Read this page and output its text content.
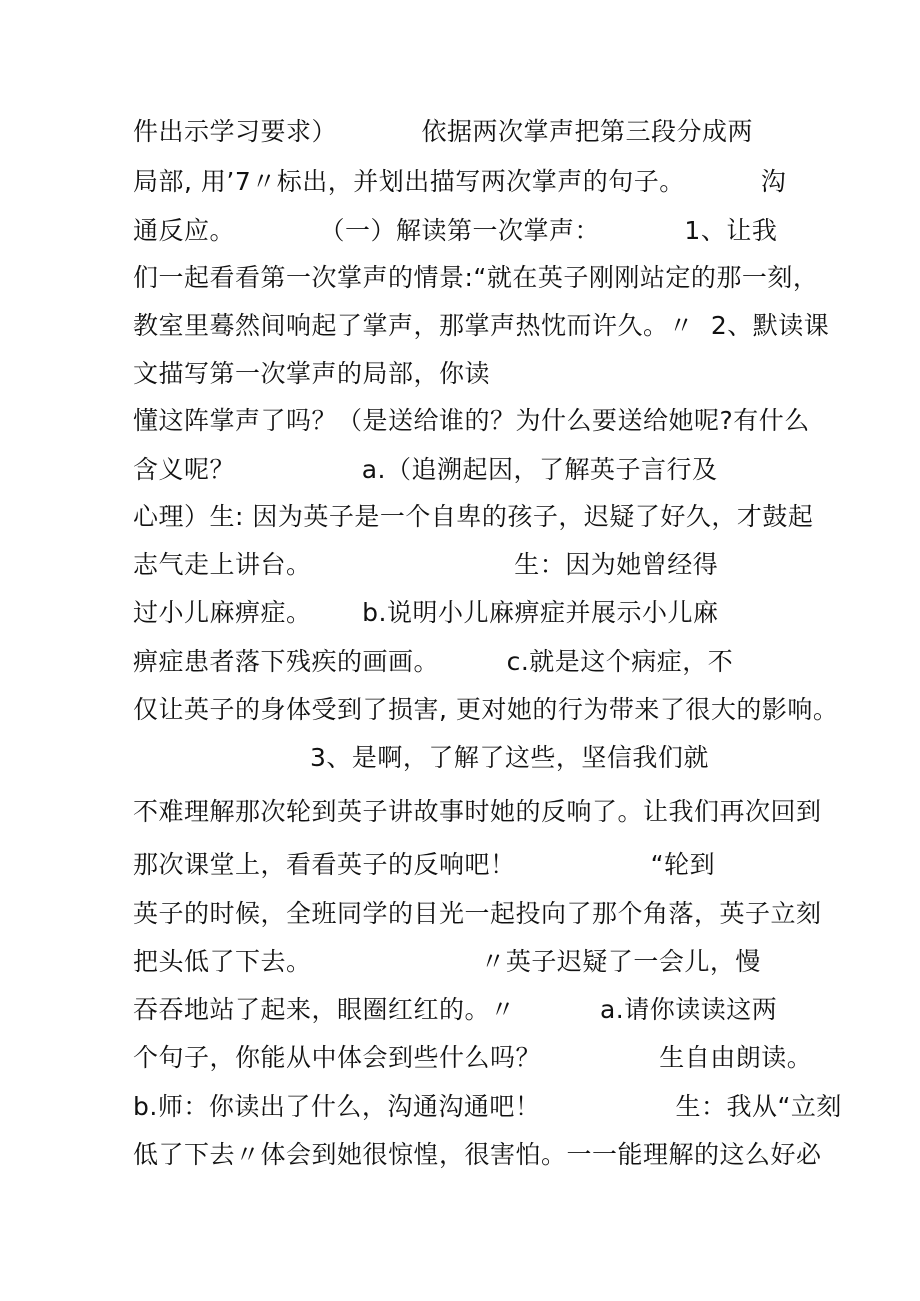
件出示学习要求）          依据两次掌声把第三段分成两
局部, 用’7〃标出，并划出描写两次掌声的句子。         沟
通反应。          （一）解读第一次掌声：          1、让我
们一起看看第一次掌声的情景:“就在英子刚刚站定的那一刻，
教室里蓦然间响起了掌声，那掌声热忱而许久。〃  2、默读课
文描写第一次掌声的局部，你读
懂这阵掌声了吗？（是送给谁的？为什么要送给她呢?有什么
含义呢？               a.（追溯起因，了解英子言行及
心理）生: 因为英子是一个自卑的孩子，迟疑了好久，才鼓起
志气走上讲台。                        生：因为她曾经得
过小儿麻痹症。      b.说明小儿麻痹症并展示小儿麻
痹症患者落下残疾的画画。        c.就是这个病症，不
仅让英子的身体受到了损害, 更对她的行为带来了很大的影响。
3、是啊，了解了这些，坚信我们就
不难理解那次轮到英子讲故事时她的反响了。让我们再次回到
那次课堂上，看看英子的反响吧！                “轮到
英子的时候，全班同学的目光一起投向了那个角落，英子立刻
把头低了下去。                    〃英子迟疑了一会儿，慢
吞吞地站了起来，眼圈红红的。〃          a.请你读读这两
个句子，你能从中体会到些什么吗？              生自由朗读。
b.师：你读出了什么，沟通沟通吧！                生：我从“立刻
低了下去〃体会到她很惊惶，很害怕。一一能理解的这么好必
